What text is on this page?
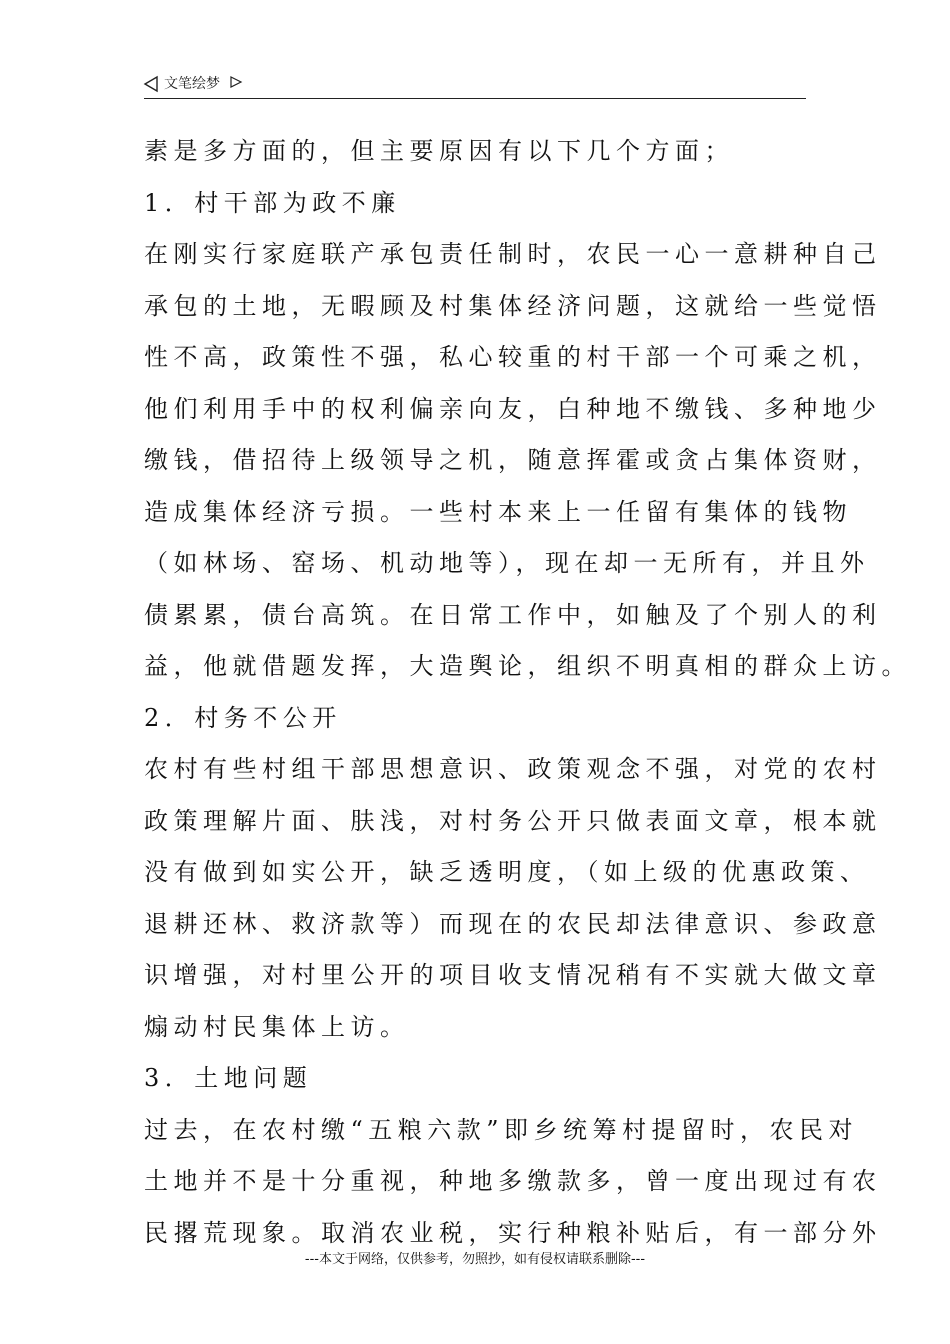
文笔绘梦
素是多方面的，但主要原因有以下几个方面；
1．村干部为政不廉
在刚实行家庭联产承包责任制时，农民一心一意耕种自己
承包的土地，无暇顾及村集体经济问题，这就给一些觉悟
性不高，政策性不强，私心较重的村干部一个可乘之机，
他们利用手中的权利偏亲向友，白种地不缴钱、多种地少
缴钱，借招待上级领导之机，随意挥霍或贪占集体资财，
造成集体经济亏损。一些村本来上一任留有集体的钱物
（如林场、窑场、机动地等），现在却一无所有，并且外
债累累，债台高筑。在日常工作中，如触及了个别人的利
益，他就借题发挥，大造舆论，组织不明真相的群众上访。
2．村务不公开
农村有些村组干部思想意识、政策观念不强，对党的农村
政策理解片面、肤浅，对村务公开只做表面文章，根本就
没有做到如实公开，缺乏透明度，（如上级的优惠政策、
退耕还林、救济款等）而现在的农民却法律意识、参政意
识增强，对村里公开的项目收支情况稍有不实就大做文章
煽动村民集体上访。
3．土地问题
过去，在农村缴“五粮六款”即乡统筹村提留时，农民对
土地并不是十分重视，种地多缴款多，曾一度出现过有农
民撂荒现象。取消农业税，实行种粮补贴后，有一部分外
---本文于网络，仅供参考，勿照抄，如有侵权请联系删除---
